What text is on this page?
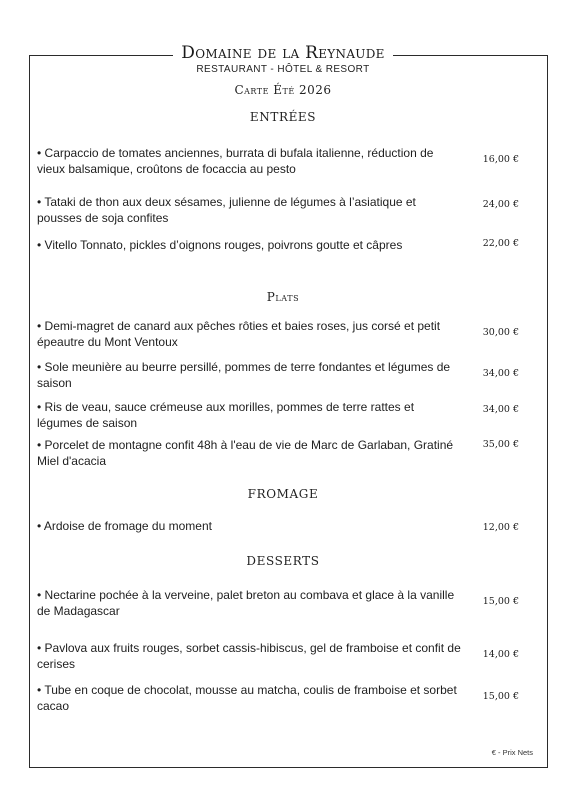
Domaine de la Reynaude
RESTAURANT - HÔTEL & RESORT
Carte Été 2026
ENTRÉES
• Carpaccio de tomates anciennes, burrata di bufala italienne, réduction de vieux balsamique, croûtons de focaccia au pesto
16,00 €
• Tataki de thon aux deux sésames, julienne de légumes à l’asiatique et pousses de soja confites
24,00 €
• Vitello Tonnato, pickles d’oignons rouges, poivrons goutte et câpres	22,00 €
Plats
• Demi-magret de canard aux pêches rôties et baies roses, jus corsé et petit épeautre du Mont Ventoux
30,00 €
• Sole meunière au beurre persillé, pommes de terre fondantes et légumes de saison
34,00 €
• Ris de veau, sauce crémeuse aux morilles, pommes de terre rattes et légumes de saison
34,00 €
• Porcelet de montagne confit 48h à l'eau de vie de Marc de Garlaban, Gratiné Miel d'acacia
35,00 €
FROMAGE
• Ardoise de fromage du moment	12,00 €
DESSERTS
• Nectarine pochée à la verveine, palet breton au combava et glace à la vanille de Madagascar
15,00 €
• Pavlova aux fruits rouges, sorbet cassis-hibiscus, gel de framboise et confit de cerises
14,00 €
• Tube en coque de chocolat, mousse au matcha, coulis de framboise et sorbet cacao
15,00 €
€ - Prix Nets
